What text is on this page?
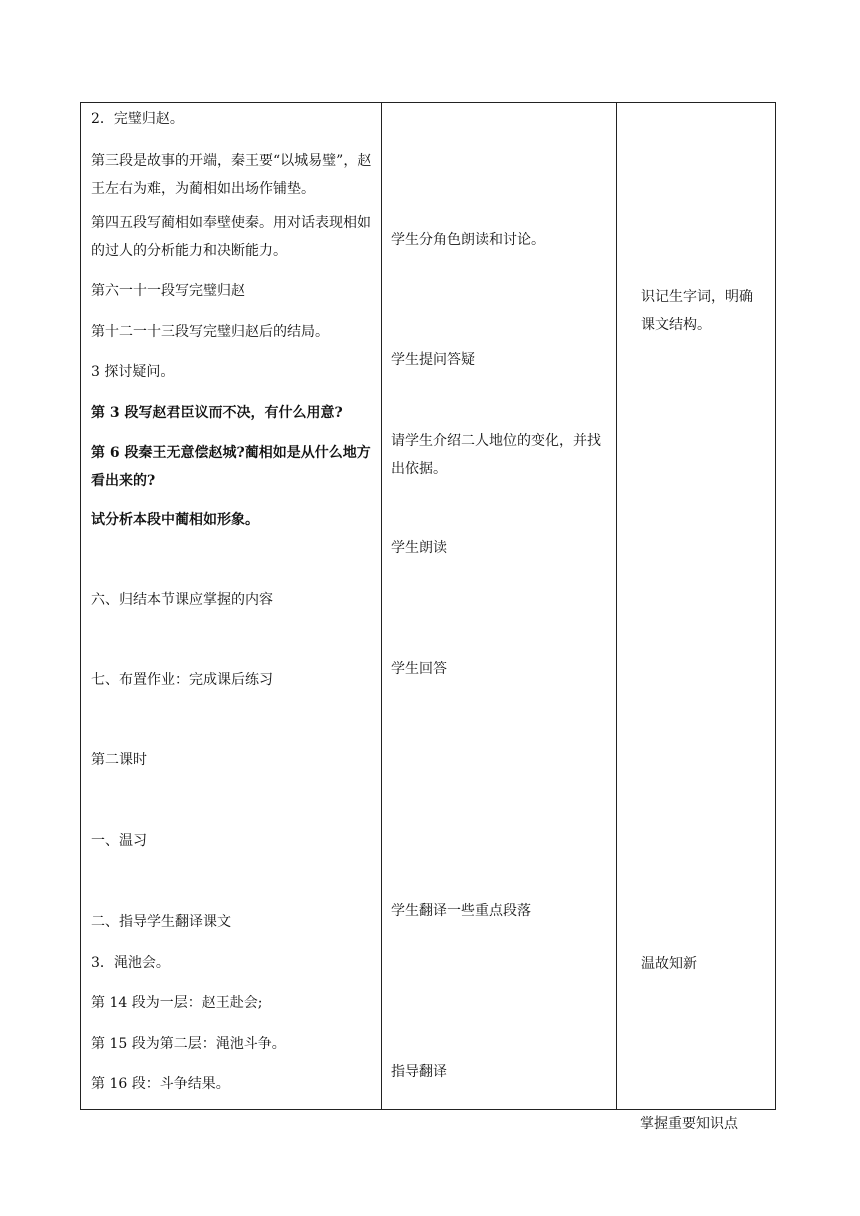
2．完璧归赵。
第三段是故事的开端，秦王要“以城易璧”，赵王左右为难，为蔺相如出场作铺垫。
第四五段写蔺相如奉壁使秦。用对话表现相如的过人的分析能力和决断能力。
第六一十一段写完璧归赵
第十二一十三段写完璧归赵后的结局。
3 探讨疑问。
第 3 段写赵君臣议而不决，有什么用意?
第 6 段秦王无意偿赵城?蔺相如是从什么地方看出来的?
试分析本段中蔺相如形象。
六、归结本节课应掌握的内容
七、布置作业：完成课后练习
第二课时
一、温习
二、指导学生翻译课文
3．渑池会。
第 14 段为一层：赵王赴会;
第 15 段为第二层：渑池斗争。
第 16 段：斗争结果。
学生分角色朗读和讨论。
学生提问答疑
请学生介绍二人地位的变化，并找出依据。
学生朗读
学生回答
学生翻译一些重点段落
指导翻译
识记生字词，明确课文结构。
温故知新
掌握重要知识点
